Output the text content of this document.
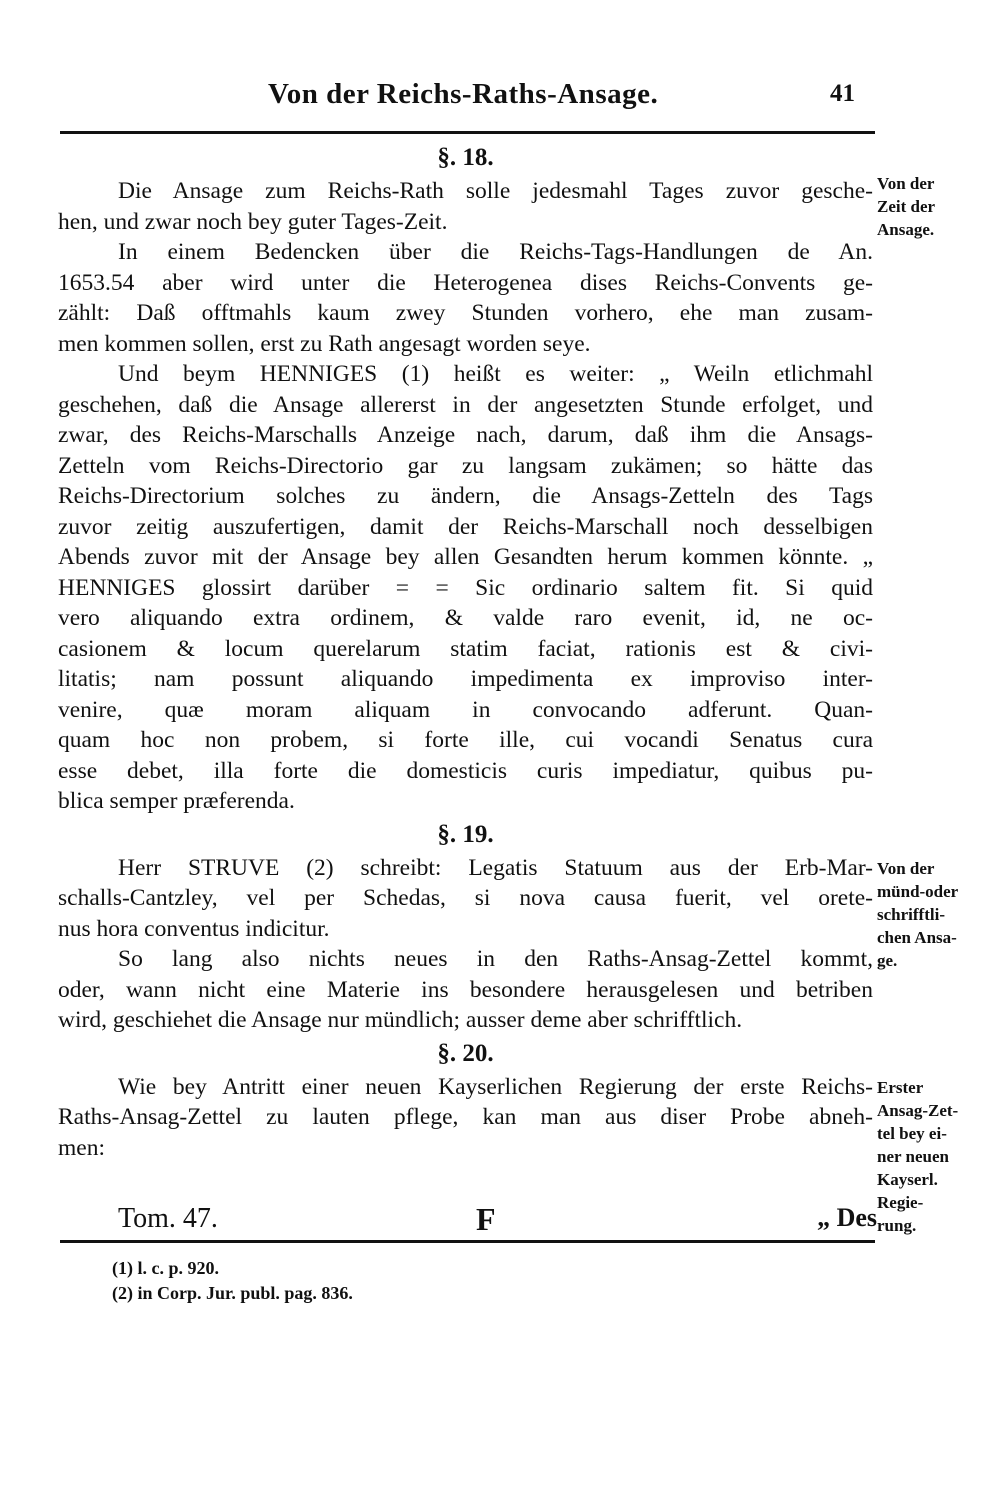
Von der Reichs-Raths-Ansage.	41
§. 18.
Die Ansage zum Reichs-Rath solle jedesmahl Tages zuvor gesche-
hen, und zwar noch bey guter Tages-Zeit.
In einem Bedencken über die Reichs-Tags-Handlungen de An.
1653.54 aber wird unter die Heterogenea dises Reichs-Convents ge-
zählt: Daß offtmahls kaum zwey Stunden vorhero, ehe man zusam-
men kommen sollen, erst zu Rath angesagt worden seye.
Und beym HENNIGES (1) heißt es weiter: „ Weiln etlichmahl
geschehen, daß die Ansage allererst in der angesetzten Stunde erfolget, und
zwar, des Reichs-Marschalls Anzeige nach, darum, daß ihm die Ansags-
Zetteln vom Reichs-Directorio gar zu langsam zukämen; so hätte das
Reichs-Directorium solches zu ändern, die Ansags-Zetteln des Tags
zuvor zeitig auszufertigen, damit der Reichs-Marschall noch desselbigen
Abends zuvor mit der Ansage bey allen Gesandten herum kommen könnte. „
HENNIGES glossirt darüber = = Sic ordinario saltem fit. Si quid
vero aliquando extra ordinem, & valde raro evenit, id, ne oc-
casionem & locum querelarum statim faciat, rationis est & civi-
litatis; nam possunt aliquando impedimenta ex improviso inter-
venire, quæ moram aliquam in convocando adferunt. Quan-
quam hoc non probem, si forte ille, cui vocandi Senatus cura
esse debet, illa forte die domesticis curis impediatur, quibus pu-
blica semper præferenda.
§. 19.
Herr STRUVE (2) schreibt: Legatis Statuum aus der Erb-Mar-
schalls-Cantzley, vel per Schedas, si nova causa fuerit, vel orete-
nus hora conventus indicitur.
So lang also nichts neues in den Raths-Ansag-Zettel kommt,
oder, wann nicht eine Materie ins besondere herausgelesen und betriben
wird, geschiehet die Ansage nur mündlich; ausser deme aber schrifftlich.
§. 20.
Wie bey Antritt einer neuen Kayserlichen Regierung der erste Reichs-
Raths-Ansag-Zettel zu lauten pflege, kan man aus diser Probe abneh-
men:
Von der
Zeit der
Ansage.
Von der
münd-oder
schrifftli-
chen Ansa-
ge.
Erster
Ansag-Zet-
tel bey ei-
ner neuen
Kayserl.
Regie-
rung.
Tom. 47.	F	„ Des
(1) l. c. p. 920.
(2) in Corp. Jur. publ. pag. 836.
